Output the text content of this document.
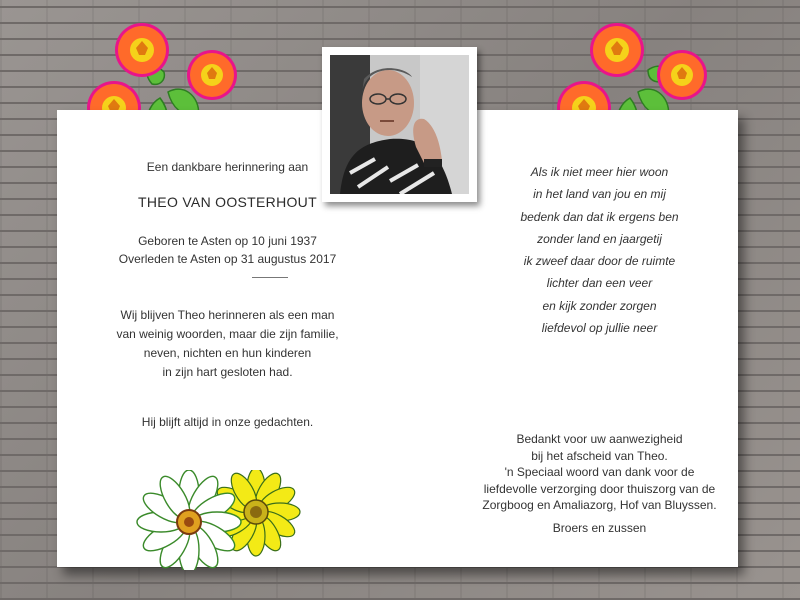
Een dankbare herinnering aan
THEO VAN OOSTERHOUT
Geboren te Asten op 10 juni 1937
Overleden te Asten op 31 augustus 2017
Wij blijven Theo herinneren als een man
van weinig woorden, maar die zijn familie,
neven, nichten en hun kinderen
in zijn hart gesloten had.
Hij blijft altijd in onze gedachten.
Als ik niet meer hier woon
in het land van jou en mij
bedenk dan dat ik ergens ben
zonder land en jaargetij
ik zweef daar door de ruimte
lichter dan een veer
en kijk zonder zorgen
liefdevol op jullie neer
Bedankt voor uw aanwezigheid
bij het afscheid van Theo.
'n Speciaal woord van dank voor de
liefdevolle verzorging door thuiszorg van de
Zorgboog en Amaliazorg, Hof van Bluyssen.
Broers en zussen
